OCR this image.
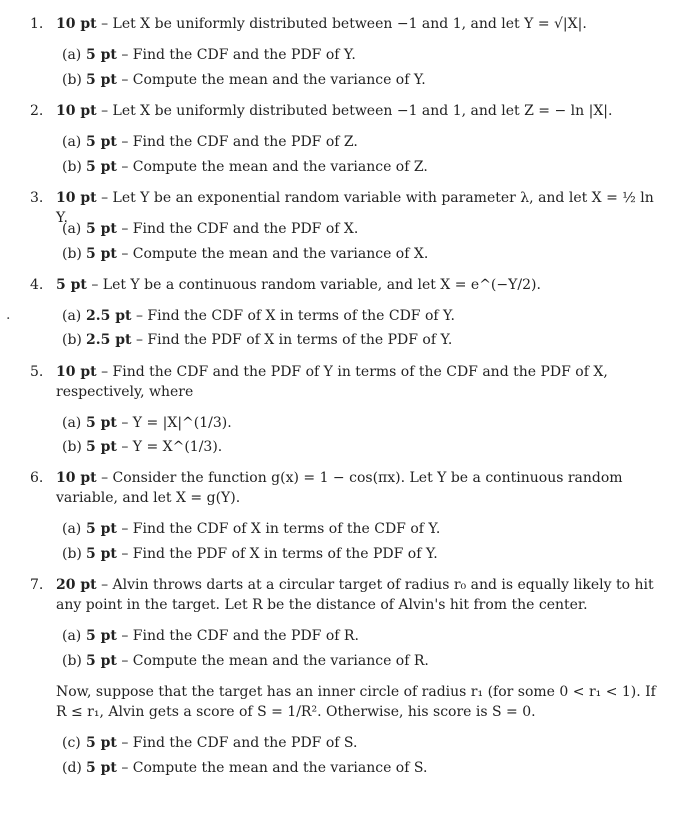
.
1. 10 pt – Let X be uniformly distributed between −1 and 1, and let Y = √|X|.
(a) 5 pt – Find the CDF and the PDF of Y.
(b) 5 pt – Compute the mean and the variance of Y.
2. 10 pt – Let X be uniformly distributed between −1 and 1, and let Z = − ln |X|.
(a) 5 pt – Find the CDF and the PDF of Z.
(b) 5 pt – Compute the mean and the variance of Z.
3. 10 pt – Let Y be an exponential random variable with parameter λ, and let X = ½ ln Y.
(a) 5 pt – Find the CDF and the PDF of X.
(b) 5 pt – Compute the mean and the variance of X.
4. 5 pt – Let Y be a continuous random variable, and let X = e^(−Y/2).
(a) 2.5 pt – Find the CDF of X in terms of the CDF of Y.
(b) 2.5 pt – Find the PDF of X in terms of the PDF of Y.
5. 10 pt – Find the CDF and the PDF of Y in terms of the CDF and the PDF of X, respectively, where
(a) 5 pt – Y = |X|^(1/3).
(b) 5 pt – Y = X^(1/3).
6. 10 pt – Consider the function g(x) = 1 − cos(πx). Let Y be a continuous random variable, and let X = g(Y).
(a) 5 pt – Find the CDF of X in terms of the CDF of Y.
(b) 5 pt – Find the PDF of X in terms of the PDF of Y.
7. 20 pt – Alvin throws darts at a circular target of radius r₀ and is equally likely to hit any point in the target. Let R be the distance of Alvin's hit from the center.
(a) 5 pt – Find the CDF and the PDF of R.
(b) 5 pt – Compute the mean and the variance of R.
Now, suppose that the target has an inner circle of radius r₁ (for some 0 < r₁ < 1). If R ≤ r₁, Alvin gets a score of S = 1/R². Otherwise, his score is S = 0.
(c) 5 pt – Find the CDF and the PDF of S.
(d) 5 pt – Compute the mean and the variance of S.
